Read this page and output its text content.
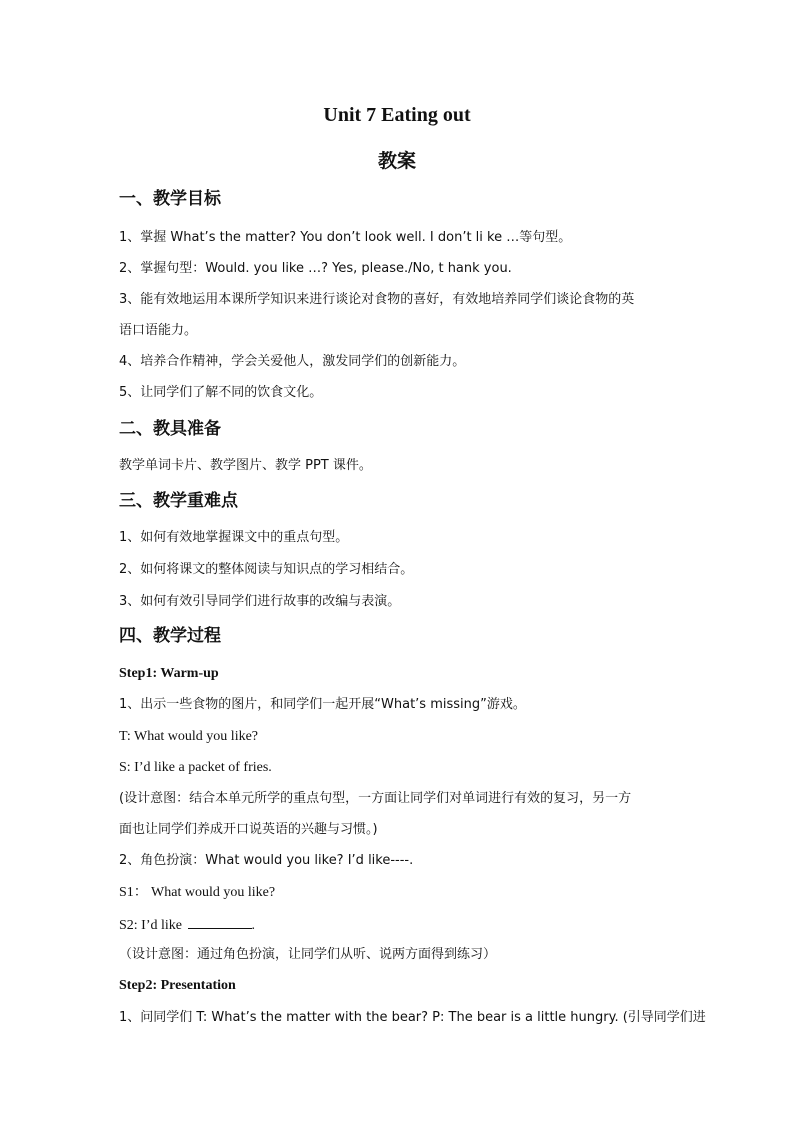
Unit 7 Eating out
教案
一、教学目标
1、掌握 What’s the matter? You don’t look well. I don’t li ke …等句型。
2、掌握句型：Would. you like …? Yes, please./No, t hank you.
3、能有效地运用本课所学知识来进行谈论对食物的喜好，有效地培养同学们谈论食物的英
语口语能力。
4、培养合作精神，学会关爱他人，激发同学们的创新能力。
5、让同学们了解不同的饮食文化。
二、教具准备
教学单词卡片、教学图片、教学 PPT 课件。
三、教学重难点
1、如何有效地掌握课文中的重点句型。
2、如何将课文的整体阅读与知识点的学习相结合。
3、如何有效引导同学们进行故事的改编与表演。
四、教学过程
Step1: Warm-up
1、出示一些食物的图片，和同学们一起开展“What’s missing”游戏。
T: What would you like?
S: I’d like a packet of fries.
(设计意图：结合本单元所学的重点句型，一方面让同学们对单词进行有效的复习，另一方
面也让同学们养成开口说英语的兴趣与习惯。)
2、角色扮演：What would you like? I’d like----.
S1： What would you like?
S2: I’d like	.
（设计意图：通过角色扮演，让同学们从听、说两方面得到练习）
Step2: Presentation
1、问同学们 T: What’s the matter with the bear? P: The bear is a little hungry. (引导同学们进
